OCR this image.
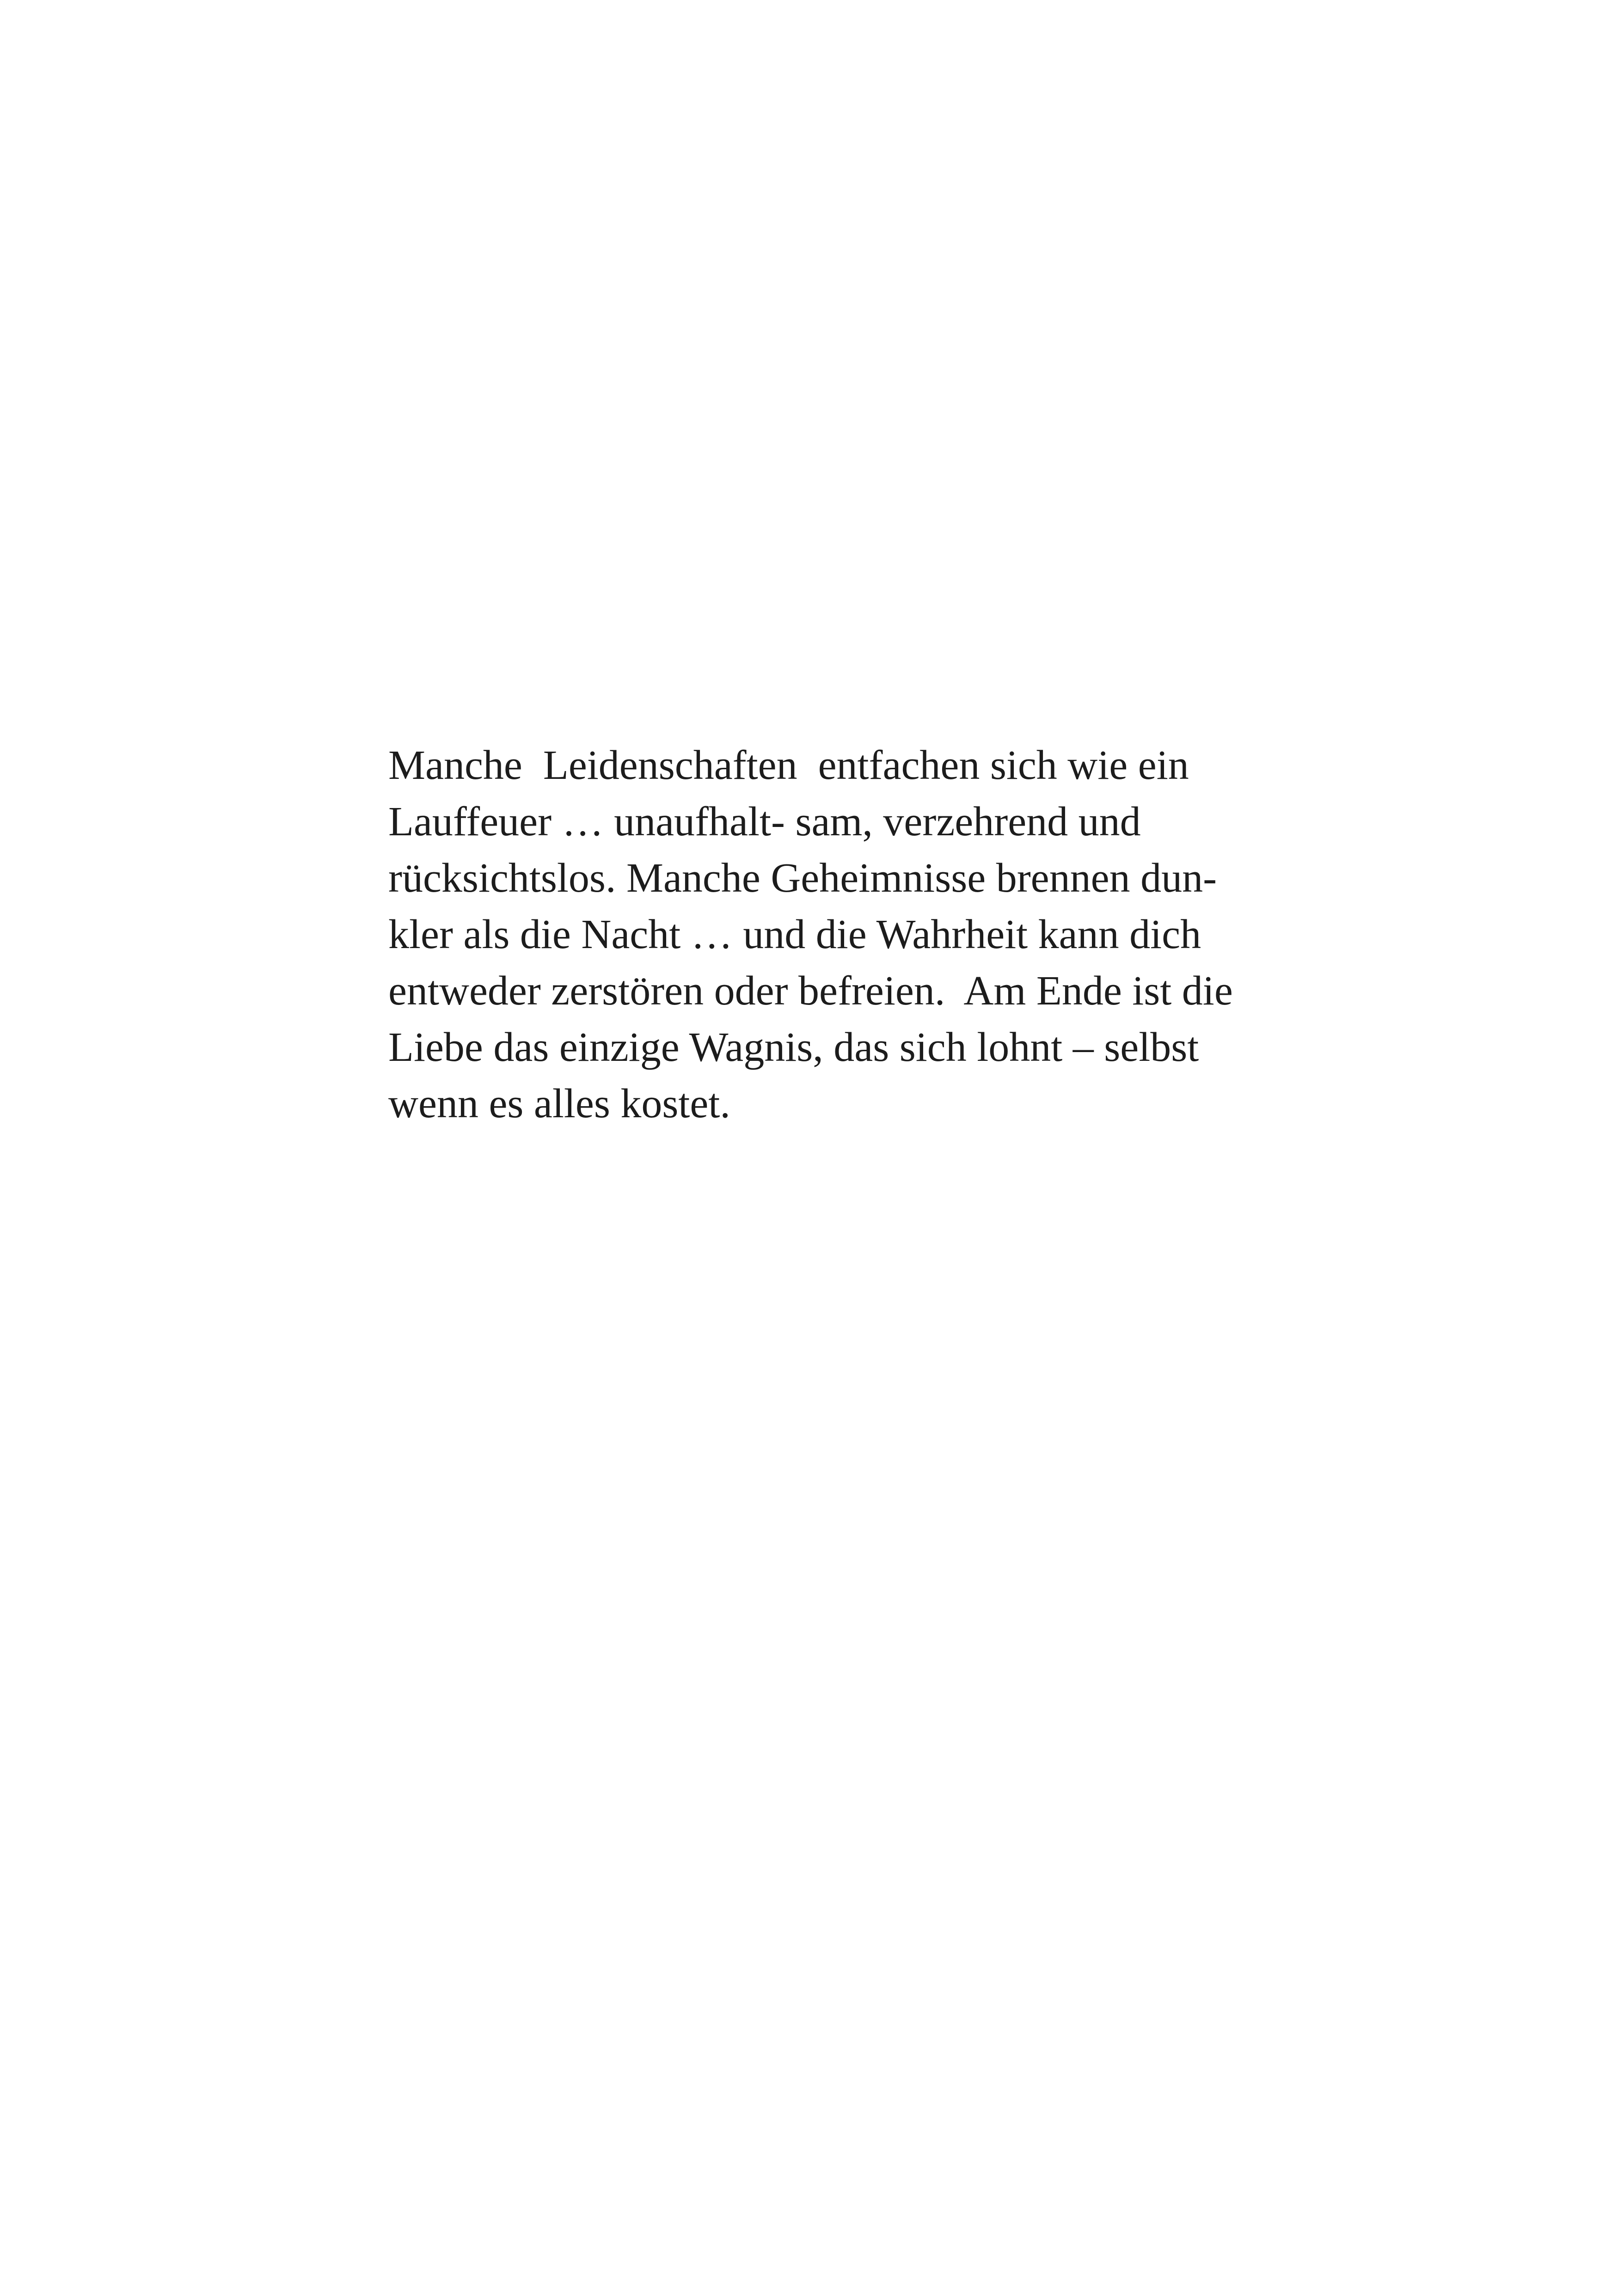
Manche  Leidenschaften  entfachen sich wie ein
Lauffeuer … unaufhalt- sam, verzehrend und
rücksichtslos. Manche Geheimnisse brennen dun-
kler als die Nacht … und die Wahrheit kann dich
entweder zerstören oder befreien.  Am Ende ist die
Liebe das einzige Wagnis, das sich lohnt – selbst
wenn es alles kostet.
